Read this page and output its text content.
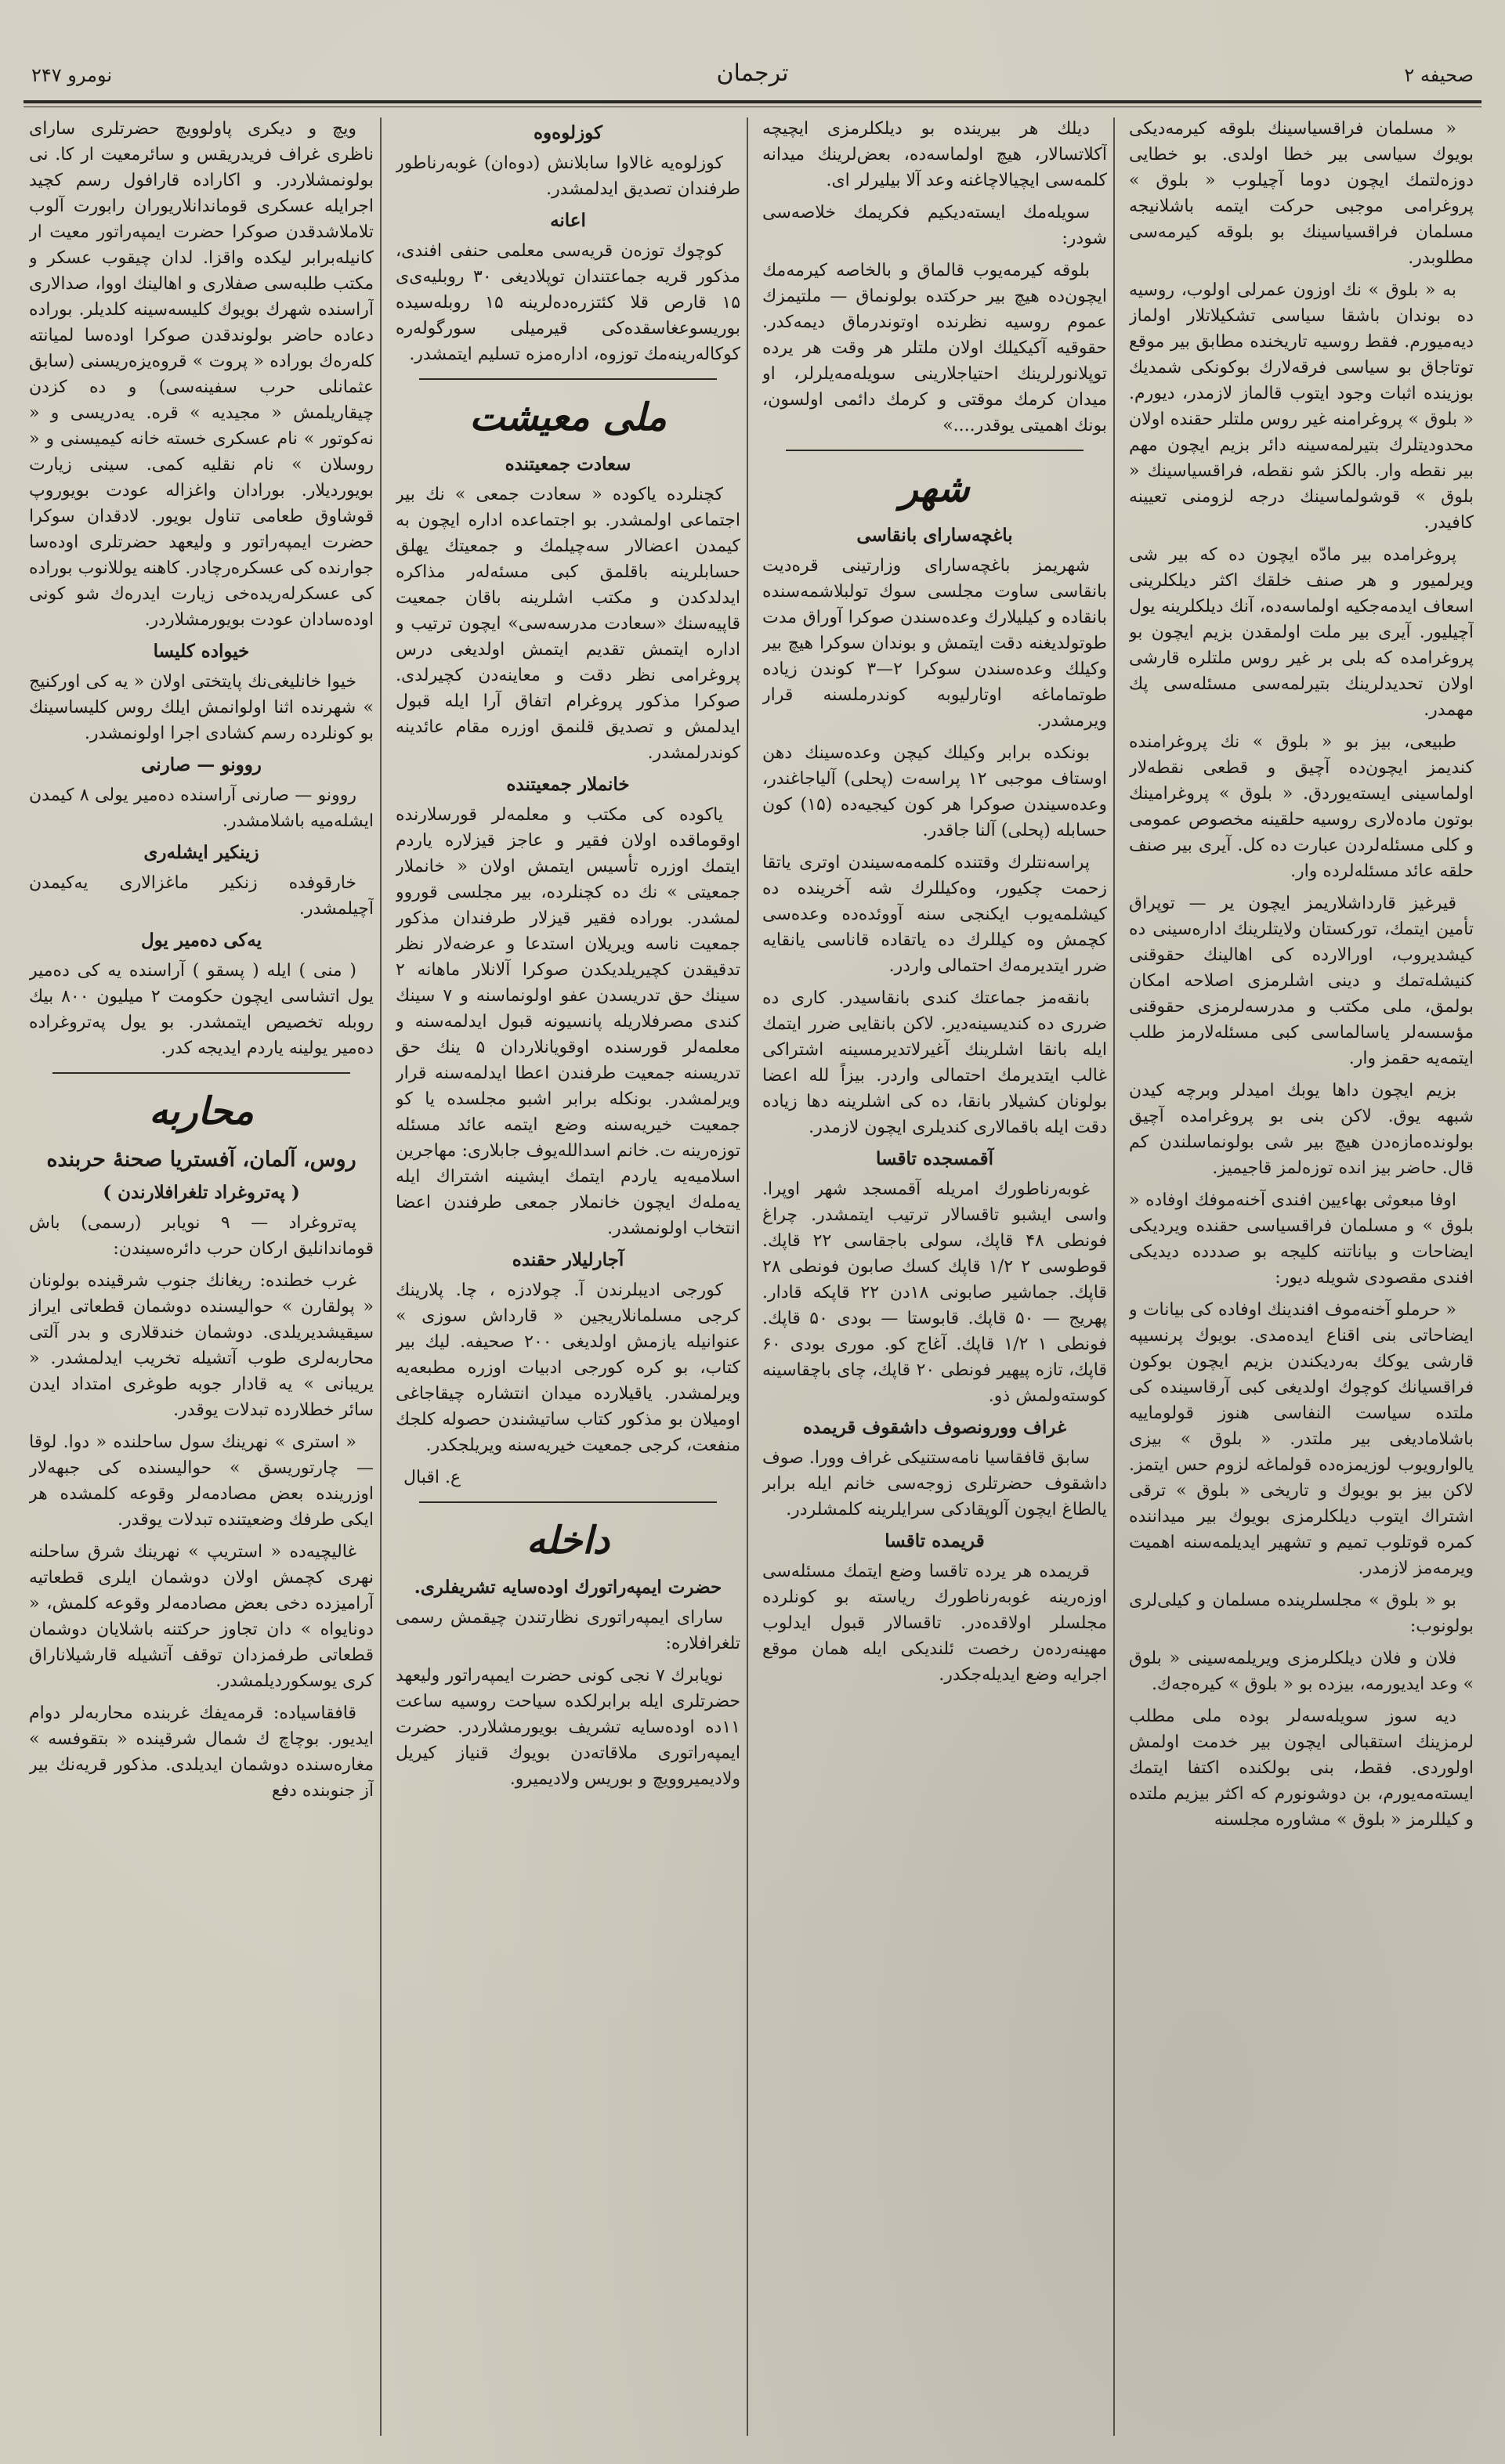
صحیفه ۲
ترجمان
نومرو ۲۴۷

« مسلمان فراقسیاسینك بلوقه كیرمه‌دیكی بویوك سیاسی بیر خطا اولدی. بو خطایی دوزەلتمك ایچون دوما آچیلوب « بلوق » پروغرامی موجبی حركت ایتمه باشلانیجه مسلمان فراقسیاسینك بو بلوقه كیرمه‌سی مطلوبدر.

به « بلوق » نك اوزون عمرلی اولوب، روسیه ده بوندان باشقا سیاسی تشكیلاتلار اولماز دیەمیورم. فقط روسیه تاریخنده مطابق بیر موقع توتاجاق بو سیاسی فرقه‌لارك بوكونكی شمدیك بوزینده اثبات وجود ایتوب قالماز لازمدر، دیورم. « بلوق » پروغرامنه غیر روس ملتلر حقنده اولان محدودیتلرك بتیرلمه‌سینه دائر بزیم ایچون مهم بیر نقطه وار. بالكز شو نقطه، فراقسیاسینك « بلوق » قوشولماسینك درجه لزومنی تعیینه كافیدر.

پروغرامده بیر مادّه ایچون ده كه بیر شی ویرلمیور و هر صنف خلقك اكثر دیلكلرینی اسعاف ایدمه‌جكیه اولماسه‌ده، آنك دیلكلرینه یول آچیلیور. آیری بیر ملت اولمقدن بزیم ایچون بو پروغرامده كه بلی بر غیر روس ملتلره قارشی اولان تحدیدلرینك بتیرلمه‌سی مسئله‌سی پك مهمدر.

طبیعی، بیز بو « بلوق » نك پروغرامنده كندیمز ایچون‌ده آچیق و قطعی نقطه‌لار اولماسینی ایسته‌یوردق. « بلوق » پروغرامینك بوتون ماده‌لاری روسیه حلقینه مخصوص عمومی و كلی مسئله‌لردن عبارت ده كل. آیری بیر صنف حلقه عائد مسئله‌لرده وار.

قیرغیز قارداشلاریمز ایچون یر — توپراق تأمین ایتمك، توركستان ولایتلرینك اداره‌سینی ده كیشدیروب، اورالارده كی اهالینك حقوقنی كنیشلەتمك و دینی اشلرمزی اصلاحه امكان بولمق، ملی مكتب و مدرسه‌لرمزی حقوقنی مؤسسه‌لر یاسالماسی كبی مسئله‌لارمز طلب ایتمه‌یه حقمز وار.

بزیم ایچون داها یوبك امیدلر وبرچه كیدن شبهه یوق. لاكن بنی بو پروغرامده آچیق بولوندەمازه‌دن هیچ بیر شی بولونماسلندن كم قال. حاضر بیز انده توزەلمز قاجیمیز.

اوفا مبعوثی بهاءیین افندی آخنه‌موفك اوفاده « بلوق » و مسلمان فراقسیاسی حقنده ویردیكی ایضاحات و بیاناتنه كلیجه بو صددده دیدیكی افندی مقصودی شویله دیور:

« حرملو آخنه‌موف افندینك اوفاده كی بیانات و ایضاحاتی بنی اقناع ایدەمدی. بویوك پرنسیپه قارشی یوكك بەردیكندن بزیم ایچون بوكون فراقسیانك كوچوك اولدیغی كبی آرقاسینده كی ملتده سیاست النفاسی هنوز قولوماییه باشلامادیغی بیر ملتدر. « بلوق » بیزی یالوارویوب لوزیمزه‌ده قولماغه لزوم حس ایتمز. لاكن بیز بو بویوك و تاریخی « بلوق » ترقی اشتراك ایتوب دیلكلرمزی بویوك بیر میداننده كمره قوتلوب تمیم و تشهیر ایدیلمه‌سنه اهمیت ویرمەمز لازمدر.

بو « بلوق » مجلسلرینده مسلمان و كیلی‌لری بولونوب:

فلان و فلان دیلكلرمزی ویریلمه‌سینی « بلوق » وعد ایدیورمه، بیزده بو « بلوق » كیرەجەك.

دیه سوز سویله‌سەلر بوده ملی مطلب لرمزینك استقبالی ایچون بیر خدمت اولمش اولوردی. فقط، بنی بولكنده اكتفا ایتمك ایسته‌مه‌یورم، بن دوشونورم كه اكثر بیزیم ملتده و كیللرمز « بلوق » مشاوره مجلسنه

دیلك هر بیرینده بو دیلكلرمزی ایچیچه آکلاتسالار، هیچ اولماسه‌ده، بعض‌لرینك میدانه كلمه‌سی ایچیالاچاغنه وعد آلا بیلیرلر ای.

سویله‌مك ایسته‌دیكیم فكریمك خلاصه‌سی شودر:

بلوقه كیرمه‌یوب قالماق و بالخاصه كیرمه‌مك ایچون‌ده هیچ بیر حركتده بولونماق — ملتیمزك عموم روسیه نظرنده اوتوندرماق دیمه‌كدر. حقوقیه آكیكیلك اولان ملتلر هر وقت هر یرده توپلانورلرینك احتیاجلارینی سویلەمه‌یلرلر، او میدان كرمك موقتی و كرمك دائمی اولسون، بونك اهمیتی یوقدر....»

شهر
باغچه‌سارای بانقاسی

شهریمز باغچه‌سارای وزارتینی قرەدیت بانقاسی ساوت مجلسی سوك تولبلاشمه‌سنده بانقاده و كیلیلارك وعده‌سندن صوكرا آوراق مدت طوتولدیغنه دقت ایتمش و بوندان سوكرا هیچ بیر وكیلك وعده‌سندن سوكرا ۲—۳ كوندن زیاده طوتماماغه اوتارلیوبه كوندرملسنه قرار ویرمشدر.

بونكده برابر وكیلك كیچن وعده‌سینك دهن اوستاف موجبی ۱۲ پراسەت (پحلی) آلیاجاغندر، وعده‌سیندن صوكرا هر كون كیجیه‌ده (۱۵) كون حسابله (پحلی) آلنا جاقدر.

پراسەنتلرك وقتنده كلمه‌مه‌سیندن اوتری یاتقا زحمت چكیور، وەكیللرك شه آخرینده ده كیشلمه‌یوب ایكنجی سنه آووئده‌ده وعده‌سی كچمش وە كیللرك ده یاتقادە قاناسی یانقایه ضرر ایتدیرمەك احتمالی وار‌در.

بانقه‌مز جماعتك كندی بانقاسیدر. كاری ده ضرری ده كندیسینه‌دیر. لاكن بانقایی ضرر ایتمك ایله بانقا اشلرینك آغیرلاتدیرمسینه اشتراكی غالب ایتدیرمك احتمالی واردر. بیزاً لله اعضا بولونان كشیلار بانقا، ده كی اشلرینه دها زیاده دقت ایله باقمالاری كندیلری ایچون لازمدر.

آقمسجده تاقسا

غوبەرناطورك امریله آقمسجد شهر اوپرا. واسی ایشبو تاقسالار ترتیب ایتمشدر. چراغ فونطی ۴۸ قاپك، سولی باجقاسی ۲۲ قاپك. قوطوسی ۲ ۱/۲ قاپك كسك صابون فونطی ۲۸ قاپك. جماشیر صابونی ۱۸دن ۲۲ قاپكه قادار. پهریج — ۵۰ قاپك. قابوستا — بودی ۵۰ قاپك. فونطی ۱ ۱/۲ قاپك. آغاج كو. موری بودی ۶۰ قاپك، تازه پیهیر فونطی ۲۰ قاپك، چای باچقاسینه كوسته‌ولمش ذو.

غراف وورونصوف داشقوف قریمده

سابق قافقاسیا نامەستنیكی غراف وورا. صوف داشقوف حضرتلری زوجه‌سی خانم ایله برابر یالطاغ ایچون آلوپقادكی سرایلرینه كلمشلردر.

قریمده تاقسا

قریمده هر یرده تاقسا وضع ایتمك مسئله‌سی اوزەرینه غوبەرناطورك ریاسته بو كونلرده مجلسلر اولاقده‌در. تاقسالار قبول ایدلوب مهینەردەن رخصت ئلندیكی ایله همان موقع اجرایه وضع ایدیله‌جكدر.

كوزلوەوه

كوزلوه‌یه غالاوا سابلانش (دوەان) غوبەرناطور طرفندان تصدیق ایدلمشدر.

اعانه

كوچوك توزەن قریه‌سی معلمی حنفی افندی، مذكور قریه جماعتندان توپلادیغی ۳۰ روبلیه‌ی‌ی ۱۵ قارص قلا كئتزرەده‌لرینه ۱۵ روبله‌سیده بوریسوعغاسقده‌كی قیرمیلی سورگوله‌ره كوكالەرینەمك توزوه، اداره‌مزه تسلیم ایتمشدر.

ملی معیشت
سعادت جمعیتنده

كچنلرده یاكوده « سعادت جمعی » نك بیر اجتماعی اولمشدر. بو اجتماعده اداره ایچون به كیمدن اعضالار سه‌چیلمك و جمعیتك یهلق حسابلرینه باقلمق كبی مسئه‌لەر مذاكره ایدلدكدن و مكتب اشلرینه باقان جمعیت قاپیه‌سنك «سعادت مدرسه‌سی» ایچون ترتیب و اداره ایتمش تقدیم ایتمش اولدیغی درس پروغرامی نظر دقت و معاینه‌دن كچیرلدی. صوكرا مذكور پروغرام اتفاق آرا ایله قبول ایدلمش و تصدیق قلنمق اوزره مقام عائدینه كوندرلمشدر.

خانملار جمعیتنده

یاكوده كی مكتب و معلمه‌لر قورسلارنده اوقوماقده اولان فقیر و عاجز قیزلاره یاردم ایتمك اوزره تأسیس ایتمش اولان « خانملار جمعیتی » نك ده كچنلرده، بیر مجلسی قوروو لمشدر. بوراده فقیر قیزلار طرفندان مذكور جمعیت ناسه ویریلان استدعا و عرضه‌لار نظر تدقیقدن كچیریلدیكدن صوكرا آلانلار ماهانه ۲ سینك حق تدریسدن عفو اولونماسنه و ۷ سینك كندی مصرفلاریله پانسیونه قبول ایدلمه‌سنه و معلمه‌لر قورسنده اوقویانلاردان ۵ ینك حق تدریسنه جمعیت طرفندن اعطا ایدلمه‌سنه قرار ویرلمشدر. بونكله برابر اشبو مجلسده یا كو جمعیت خیریه‌سنه وضع ایتمه عائد مسئله توزەرینه ت. خانم اسداللەیوف جابلاری: مهاجرین اسلامیه‌یه یاردم ایتمك ایشینه اشتراك ایله یه‌ملەك ایچون خانملار جمعی طرفندن اعضا انتخاب اولونمشدر.

آجارلیلار حقنده

كورجی ادیبلرندن آ. چولادزه ، چا. پلارینك كرجی مسلمانلاریجین « قارداش سوزی » عنوانیله یازمش اولدیغی ۲۰۰ صحیفه. لیك بیر كتاب، بو كره كورجی ادبیات اوزرە مطبعه‌یه ویرلمشدر. یاقیلارده میدان انتشاره چیقاجاغی اومیلان بو مذكور كتاب ساتیشندن حصوله كلجك منفعت، كرجی جمعیت خیریه‌سنه ویریلجكدر.

ع. اقبال
داخله
حضرت ایمپەراتورك اوده‌سایه تشریفلری.

سارای ایمپەراتوری نظارتندن چیقمش رسمی تلغرافلاره:

نویابرك ۷ نجی كونی حضرت ایمپەراتور ولیعهد حضرتلری ایله برابرلكده سیاحت روسیه ساعت ۱۱ده اوده‌سایه تشریف بویورمشلاردر. حضرت ایمپەراتوری ملاقاته‌دن بویوك قنیاز كیریل ولادیمیروویچ و بوریس ولادیمیرو.

ویچ و دیكری پاولوویچ حضرتلری سارای ناظری غراف فریدریقس و سائرمعیت ار كا. نی بولونمشلاردر. و اكاراده قارافول رسم كچید اجرایله عسكری قوماندانلاریوران رابورت آلوب تلاملاشدقدن صوكرا حضرت ایمپەراتور معیت ار كانیلەبرابر لیكده واقزا. لدان چیقوب عسكر و مكتب طلبه‌سی صفلاری و اهالینك اووا، صدالاری آراسنده شهرك بویوك كلیسه‌سینه كلدیلر. بوراده دعاده حاضر بولوندقدن صوكرا اوده‌سا لمیانته كلەرەك بوراده « پروت » قروەیزەریسنی (سابق عثمانلی حرب سفینه‌سی) و ده كزدن چیقاریلمش « مجیدیه » قره. یه‌دریسی و « نه‌كوتور » نام عسكری خسته خانه كیمیسنی و « روسلان » نام نقلیه كمی. سینی زیارت بویوردیلار. بورادان واغزاله عودت بویوروپ قوشاوق طعامی تناول بویور. لادقدان سوكرا حضرت ایمپەراتور و ولیعهد حضرتلری اوده‌سا جوارنده كی عسكرەرچادر. كاهنه یوللانوب بوراده كی عسكرلەریدەخی زیارت ایدرەك شو كونی اوده‌سادان عودت بویورمشلاردر.

خیواده كلیسا

خیوا خانلیغی‌نك پایتختی اولان « یه كی اوركنیج » شهرنده اثنا اولوانمش ایلك روس كلیساسینك بو كونلرده رسم كشادی اجرا اولونمشدر.

روونو — صارنی

روونو — صارنی آراسنده دەمیر یولی ۸ كیمدن ایشلەمیه باشلامشدر.

زینكیر ایشلەری

خارقوفده زنكیر ماغزالاری یه‌كیمدن آچیلمشدر.

یه‌كی دەمیر یول

( منی ) ایله ( پسقو ) آراسنده یه كی ده‌میر یول اتشاسی ایچون حكومت ۲ میلیون ۸۰۰ بیك روبله تخصیص ایتمشدر. بو یول پەتروغراده ده‌میر یولینه یاردم ایدیجه كدر.

محاربه
روس، آلمان، آفستریا صحنهٔ حربنده
( پەتروغراد تلغرافلارندن )

پەتروغراد — ۹ نویابر (رسمی) باش قوماندانلیق اركان حرب دائره‌سیندن:

غرب خطنده: ریغانك جنوب شرقینده بولونان « پولقارن » حوالیسنده دوشمان قطعاتی ایراز سیقیشدیریلدی. دوشمان خندقلاری و بدر آلتی محاربه‌لری طوب آتشیله تخریب ایدلمشدر. « یریبانی » یه قادار جوبه طوغری امتداد ایدن سائر خطلارده تبدلات یوقدر.

« استرى » نهرینك سول ساحلنده « دوا. لوقا — چارتوریسق » حوالیسنده كی جبهه‌لار اوزرینده بعض مصادمه‌لر وقوعه كلمشده هر ایكی طرفك وضعیتنده تبدلات یوقدر.

غالیچیه‌ده « استریپ » نهرینك شرق ساحلنه نهری كچمش اولان دوشمان ایلری قطعاتیه آرامیزده دخی بعض مصادمه‌لر وقوعه كلمش، « دونا‌یواه » دان تجاوز حركتنه باشلایان دوشمان قطعاتی طرفمزدان توقف آتشیله قارشیلاناراق كری یوسكوردیلمشدر.

قافقاسیاده: قرمەیفك غربنده محاربه‌لر دوام ایدیور. بوچاچ ك شمال شرقینده « بتقوفسه » مغاره‌سنده دوشمان ایدیلدی. مذكور قریەنك بیر آز جنوبنده دفع
